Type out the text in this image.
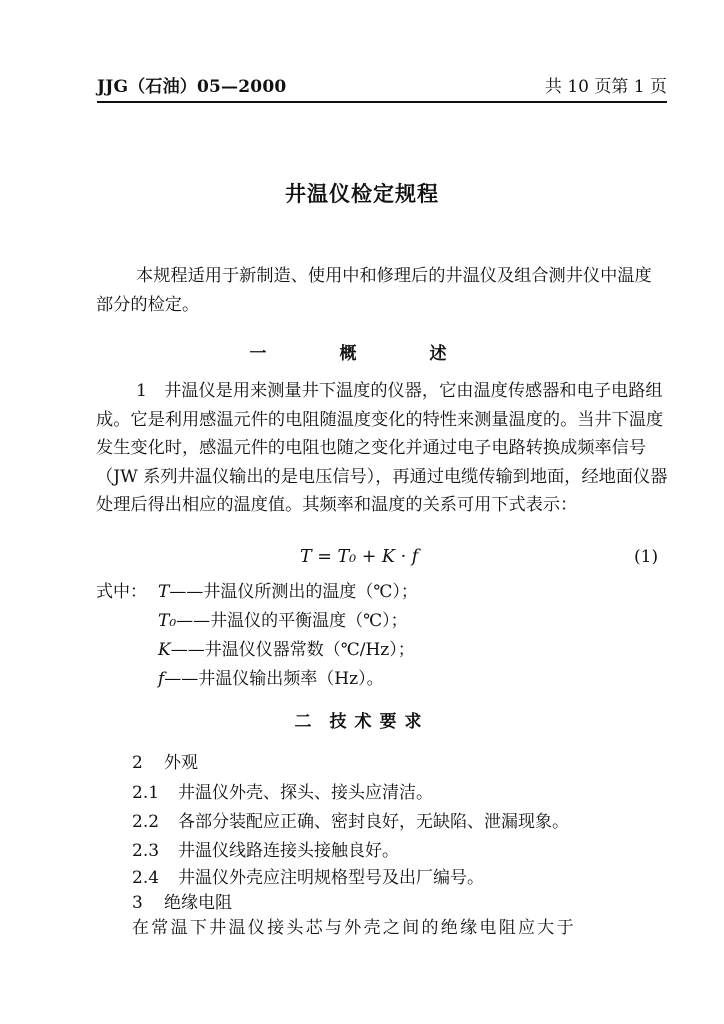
JJG（石油）05—2000	共 10 页第 1 页
井温仪检定规程

本规程适用于新制造、使用中和修理后的井温仪及组合测井仪中温度部分的检定。

一　概　述

1　井温仪是用来测量井下温度的仪器，它由温度传感器和电子电路组成。它是利用感温元件的电阻随温度变化的特性来测量温度的。当井下温度发生变化时，感温元件的电阻也随之变化并通过电子电路转换成频率信号（JW 系列井温仪输出的是电压信号），再通过电缆传输到地面，经地面仪器处理后得出相应的温度值。其频率和温度的关系可用下式表示：

T = T₀ + K · f	(1)
式中： T——井温仪所测出的温度（℃）；
T₀——井温仪的平衡温度（℃）；
K——井温仪仪器常数（℃/Hz）；
f——井温仪输出频率（Hz）。
二 技术要求
2 外观
2.1 井温仪外壳、探头、接头应清洁。
2.2 各部分装配应正确、密封良好，无缺陷、泄漏现象。
2.3 井温仪线路连接头接触良好。
2.4 井温仪外壳应注明规格型号及出厂编号。
3 绝缘电阻
在常温下井温仪接头芯与外壳之间的绝缘电阻应大于
